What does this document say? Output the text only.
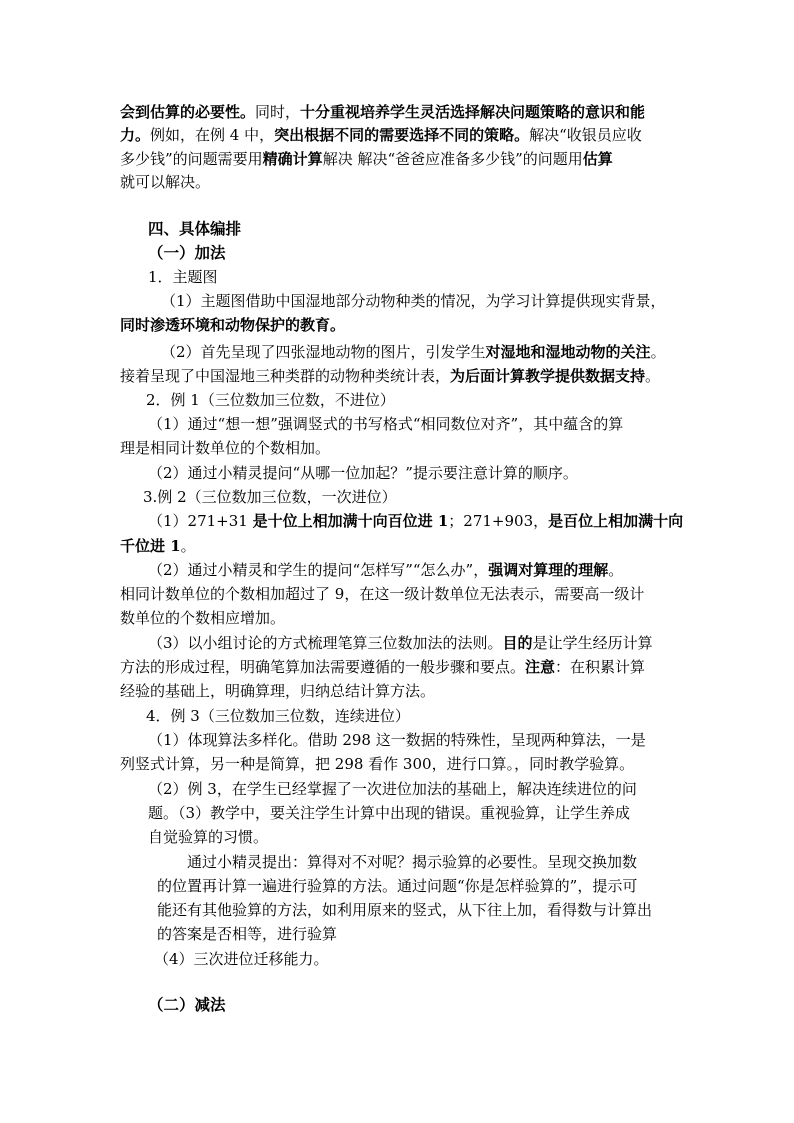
会到估算的必要性。同时，十分重视培养学生灵活选择解决问题策略的意识和能
力。例如，在例 4 中，突出根据不同的需要选择不同的策略。解决“收银员应收
多少钱”的问题需要用精确计算解决 解决“爸爸应准备多少钱”的问题用估算
就可以解决。
四、具体编排
（一）加法
1．主题图
（1）主题图借助中国湿地部分动物种类的情况，为学习计算提供现实背景，
同时渗透环境和动物保护的教育。
（2）首先呈现了四张湿地动物的图片，引发学生对湿地和湿地动物的关注。
接着呈现了中国湿地三种类群的动物种类统计表，为后面计算教学提供数据支持。
2．例 1（三位数加三位数，不进位）
（1）通过“想一想”强调竖式的书写格式“相同数位对齐”，其中蕴含的算
理是相同计数单位的个数相加。
（2）通过小精灵提问“从哪一位加起？”提示要注意计算的顺序。
3.例 2（三位数加三位数，一次进位）
（1）271+31 是十位上相加满十向百位进 1；271+903，是百位上相加满十向
千位进 1。
（2）通过小精灵和学生的提问“怎样写”“怎么办”，强调对算理的理解。
相同计数单位的个数相加超过了 9，在这一级计数单位无法表示，需要高一级计
数单位的个数相应增加。
（3）以小组讨论的方式梳理笔算三位数加法的法则。目的是让学生经历计算
方法的形成过程，明确笔算加法需要遵循的一般步骤和要点。注意：在积累计算
经验的基础上，明确算理，归纳总结计算方法。
4．例 3（三位数加三位数，连续进位）
（1）体现算法多样化。借助 298 这一数据的特殊性，呈现两种算法，一是
列竖式计算，另一种是简算，把 298 看作 300，进行口算。，同时教学验算。
（2）例 3，在学生已经掌握了一次进位加法的基础上，解决连续进位的问
题。（3）教学中，要关注学生计算中出现的错误。重视验算，让学生养成
自觉验算的习惯。
通过小精灵提出：算得对不对呢？揭示验算的必要性。呈现交换加数
的位置再计算一遍进行验算的方法。通过问题“你是怎样验算的”，提示可
能还有其他验算的方法，如利用原来的竖式，从下往上加，看得数与计算出
的答案是否相等，进行验算
（4）三次进位迁移能力。
（二）减法
